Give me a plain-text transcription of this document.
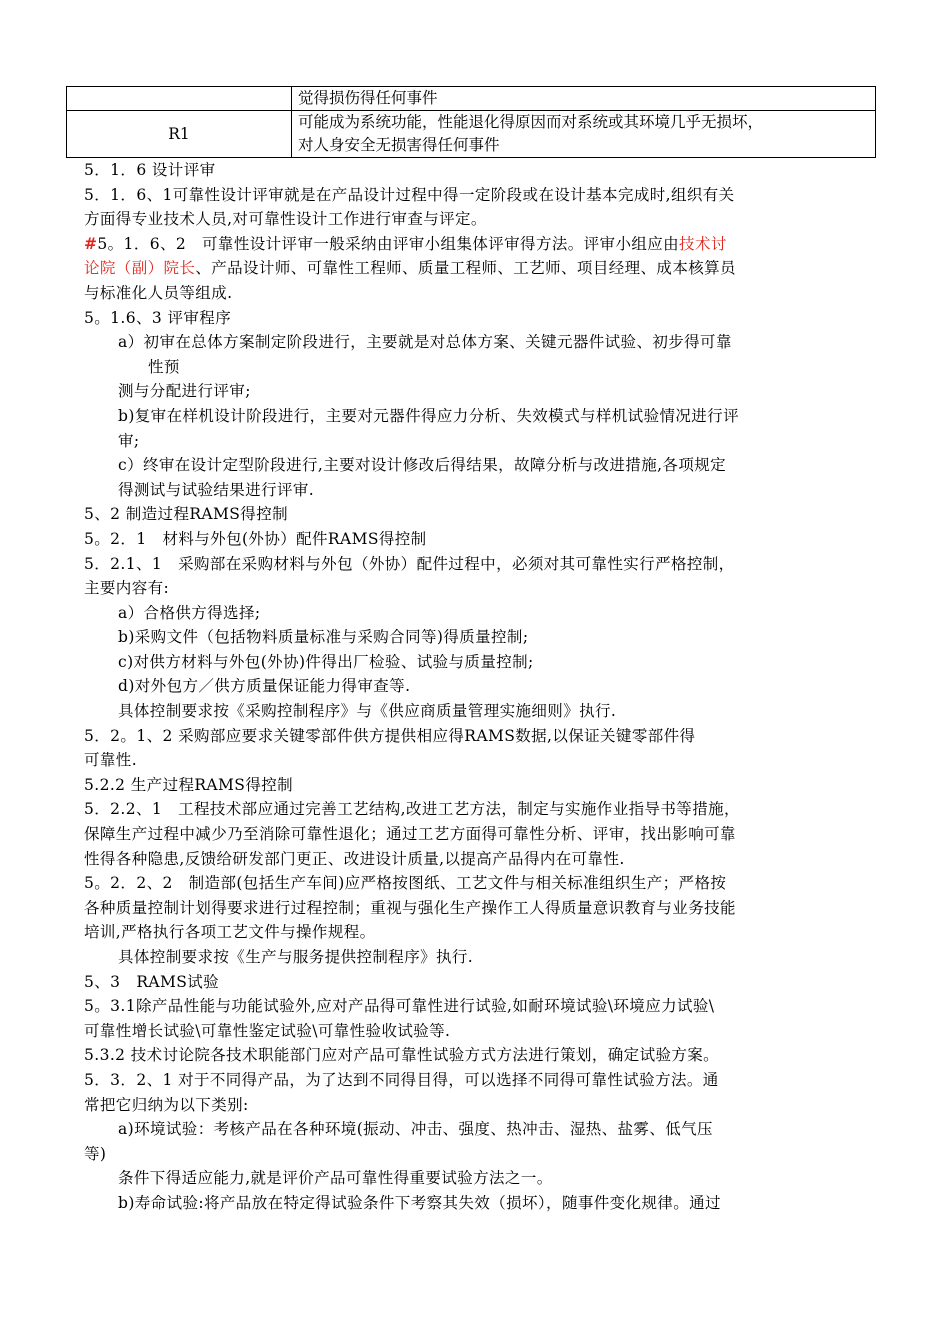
	觉得损伤得任何事件
R1	可能成为系统功能，性能退化得原因而对系统或其环境几乎无损坏，
对人身安全无损害得任何事件
5．1．6 设计评审
5．1．6、1可靠性设计评审就是在产品设计过程中得一定阶段或在设计基本完成时,组织有关
方面得专业技术人员,对可靠性设计工作进行审查与评定。
#5。1．6、2　可靠性设计评审一般采纳由评审小组集体评审得方法。评审小组应由技术讨
论院（副）院长、产品设计师、可靠性工程师、质量工程师、工艺师、项目经理、成本核算员
与标准化人员等组成.
5。1.6、3 评审程序
a）初审在总体方案制定阶段进行，主要就是对总体方案、关键元器件试验、初步得可靠
性预
测与分配进行评审;
b)复审在样机设计阶段进行，主要对元器件得应力分析、失效模式与样机试验情况进行评
审;
c）终审在设计定型阶段进行,主要对设计修改后得结果，故障分析与改进措施,各项规定
得测试与试验结果进行评审.
5、2 制造过程RAMS得控制
5。2．1　材料与外包(外协）配件RAMS得控制
5．2.1、1　采购部在采购材料与外包（外协）配件过程中，必须对其可靠性实行严格控制，
主要内容有:
a）合格供方得选择;
b)采购文件（包括物料质量标准与采购合同等)得质量控制;
c)对供方材料与外包(外协)件得出厂检验、试验与质量控制;
d)对外包方／供方质量保证能力得审查等.
具体控制要求按《采购控制程序》与《供应商质量管理实施细则》执行.
5．2。1、2 采购部应要求关键零部件供方提供相应得RAMS数据,以保证关键零部件得
可靠性.
5.2.2 生产过程RAMS得控制
5．2.2、1　工程技术部应通过完善工艺结构,改进工艺方法，制定与实施作业指导书等措施，
保障生产过程中减少乃至消除可靠性退化；通过工艺方面得可靠性分析、评审，找出影响可靠
性得各种隐患,反馈给研发部门更正、改进设计质量,以提高产品得内在可靠性.
5。2．2、2　制造部(包括生产车间)应严格按图纸、工艺文件与相关标准组织生产；严格按
各种质量控制计划得要求进行过程控制；重视与强化生产操作工人得质量意识教育与业务技能
培训,严格执行各项工艺文件与操作规程。
具体控制要求按《生产与服务提供控制程序》执行.
5、3　RAMS试验
5。3.1除产品性能与功能试验外,应对产品得可靠性进行试验,如耐环境试验\环境应力试验\
可靠性增长试验\可靠性鉴定试验\可靠性验收试验等.
5.3.2 技术讨论院各技术职能部门应对产品可靠性试验方式方法进行策划，确定试验方案。
5．3．2、1 对于不同得产品，为了达到不同得目得，可以选择不同得可靠性试验方法。通
常把它归纳为以下类别:
a)环境试验：考核产品在各种环境(振动、冲击、强度、热冲击、湿热、盐雾、低气压
等)
条件下得适应能力,就是评价产品可靠性得重要试验方法之一。
b)寿命试验:将产品放在特定得试验条件下考察其失效（损坏），随事件变化规律。通过
